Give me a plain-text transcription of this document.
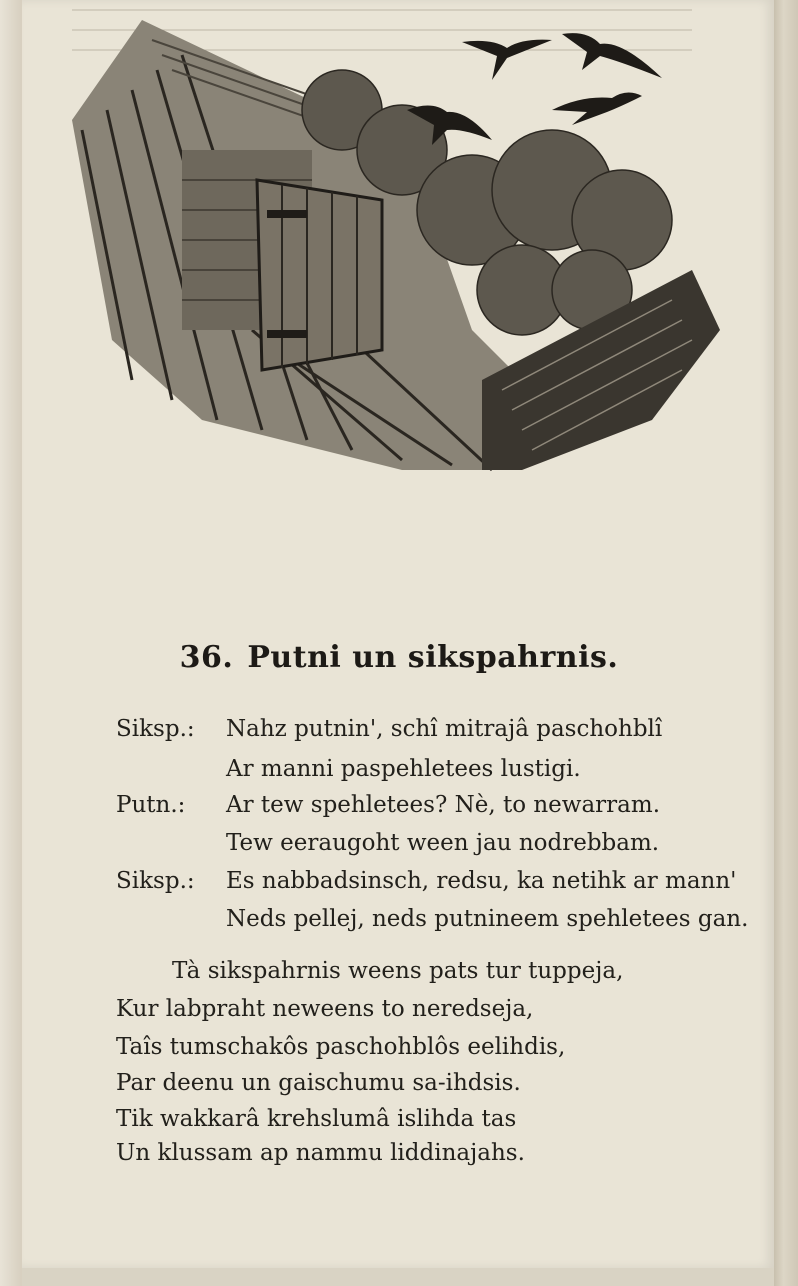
36. Putni un sikspahrnis.
Siksp.: Nahz putnin', schî mitrajâ paschohblî
Ar manni paspehletees lustigi.
Putn.: Ar tew spehletees? Nè, to newarram.
Tew eeraugoht ween jau nodrebbam.
Siksp.: Es nabbadsinsch, redsu, ka netihk ar mann'
Neds pellej, neds putnineem spehletees gan.
Tà sikspahrnis weens pats tur tuppeja,
Kur labpraht neweens to neredseja,
Taîs tumschakôs paschohblôs eelihdis,
Par deenu un gaischumu sa-ihdsis.
Tik wakkarâ krehslumâ islihda tas
Un klussam ap nammu liddinajahs.
